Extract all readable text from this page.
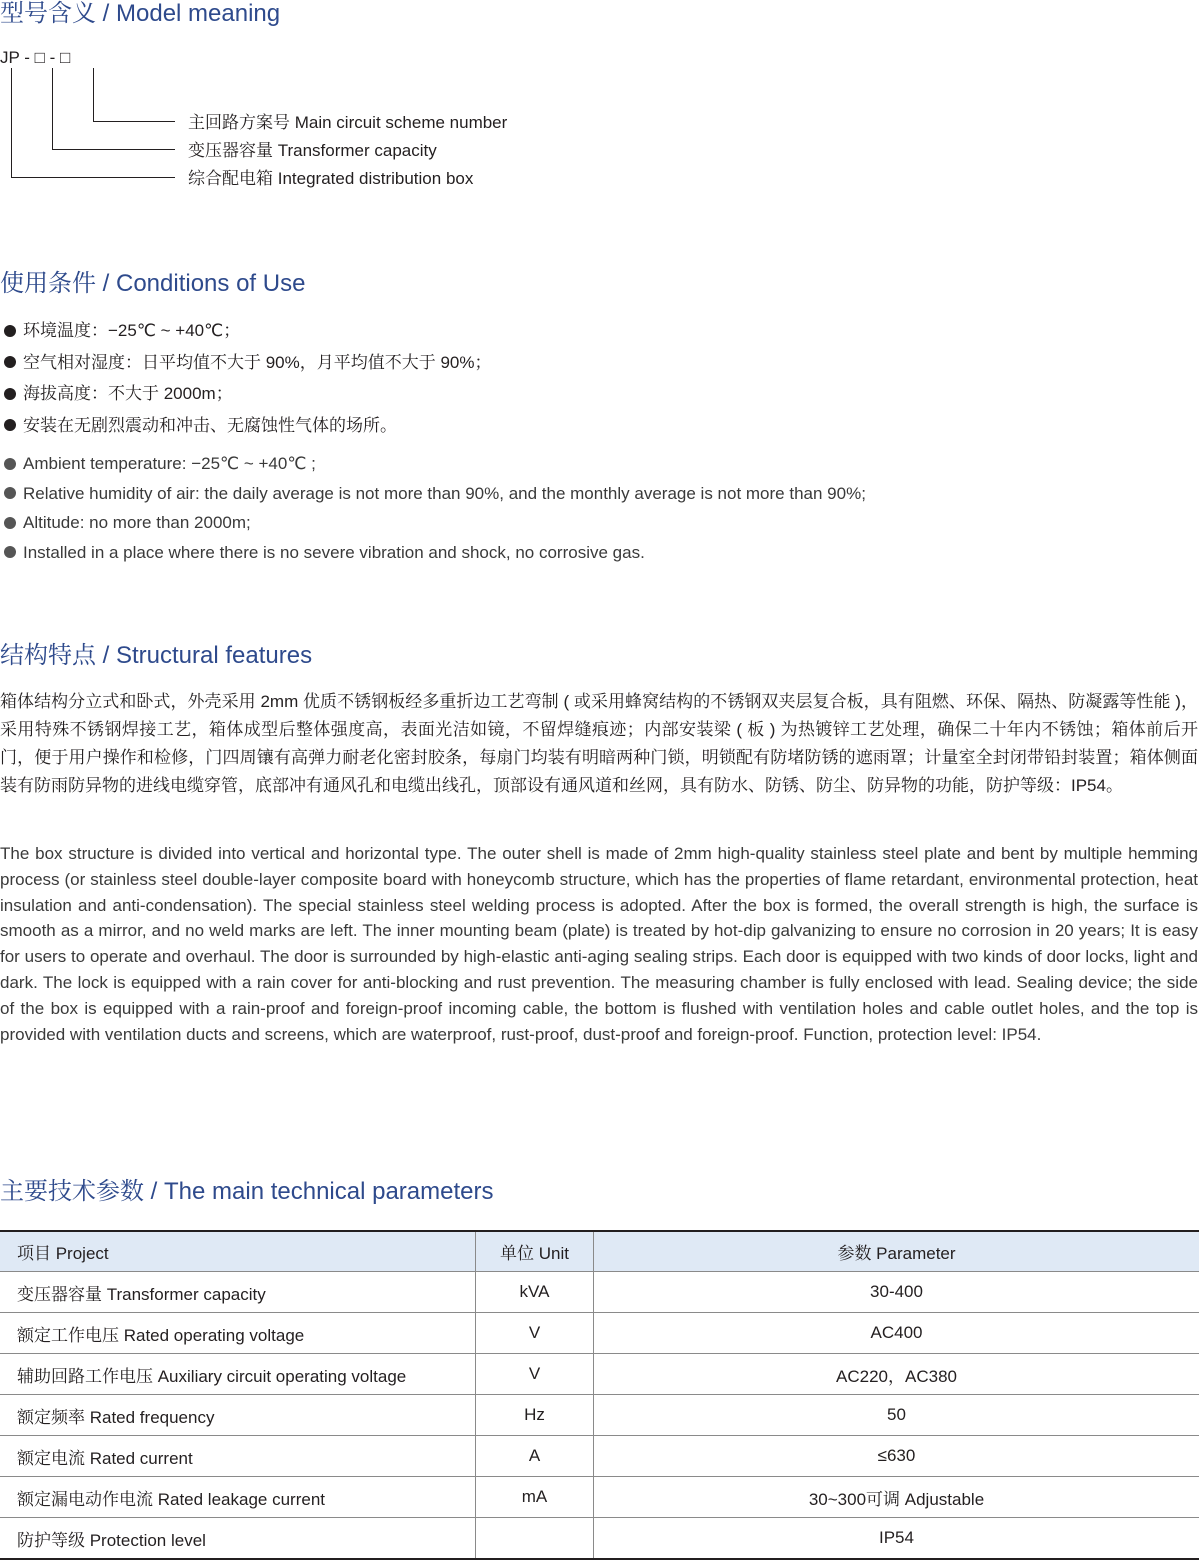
型号含义 / Model meaning
JP - □ - □
主回路方案号 Main circuit scheme number
变压器容量 Transformer capacity
综合配电箱 Integrated distribution box
使用条件 / Conditions of Use
环境温度：−25℃ ~ +40℃；
空气相对湿度：日平均值不大于 90%，月平均值不大于 90%；
海拔高度：不大于 2000m；
安装在无剧烈震动和冲击、无腐蚀性气体的场所。
Ambient temperature: −25℃ ~ +40℃ ;
Relative humidity of air: the daily average is not more than 90%, and the monthly average is not more than 90%;
Altitude: no more than 2000m;
Installed in a place where there is no severe vibration and shock, no corrosive gas.
结构特点 / Structural features

箱体结构分立式和卧式，外壳采用 2mm 优质不锈钢板经多重折边工艺弯制 ( 或采用蜂窝结构的不锈钢双夹层复合板，具有阻燃、环保、隔热、防凝露等性能 )，采用特殊不锈钢焊接工艺，箱体成型后整体强度高，表面光洁如镜，不留焊缝痕迹；内部安装梁 ( 板 ) 为热镀锌工艺处理，确保二十年内不锈蚀；箱体前后开门，便于用户操作和检修，门四周镶有高弹力耐老化密封胶条，每扇门均装有明暗两种门锁，明锁配有防堵防锈的遮雨罩；计量室全封闭带铅封装置；箱体侧面装有防雨防异物的进线电缆穿管，底部冲有通风孔和电缆出线孔，顶部设有通风道和丝网，具有防水、防锈、防尘、防异物的功能，防护等级：IP54。

The box structure is divided into vertical and horizontal type. The outer shell is made of 2mm high-quality stainless steel plate and bent by multiple hemming process (or stainless steel double-layer composite board with honeycomb structure, which has the properties of flame retardant, environmental protection, heat insulation and anti-condensation). The special stainless steel welding process is adopted. After the box is formed, the overall strength is high, the surface is smooth as a mirror, and no weld marks are left. The inner mounting beam (plate) is treated by hot-dip galvanizing to ensure no corrosion in 20 years; It is easy for users to operate and overhaul. The door is surrounded by high-elastic anti-aging sealing strips. Each door is equipped with two kinds of door locks, light and dark. The lock is equipped with a rain cover for anti-blocking and rust prevention. The measuring chamber is fully enclosed with lead. Sealing device; the side of the box is equipped with a rain-proof and foreign-proof incoming cable, the bottom is flushed with ventilation holes and cable outlet holes, and the top is provided with ventilation ducts and screens, which are waterproof, rust-proof, dust-proof and foreign-proof. Function, protection level: IP54.

主要技术参数 / The main technical parameters
项目 Project	单位 Unit	参数 Parameter
变压器容量 Transformer capacity	kVA	30-400
额定工作电压 Rated operating voltage	V	AC400
辅助回路工作电压 Auxiliary circuit operating voltage	V	AC220，AC380
额定频率 Rated frequency	Hz	50
额定电流 Rated current	A	≤630
额定漏电动作电流 Rated leakage current	mA	30~300可调 Adjustable
防护等级 Protection level		IP54
